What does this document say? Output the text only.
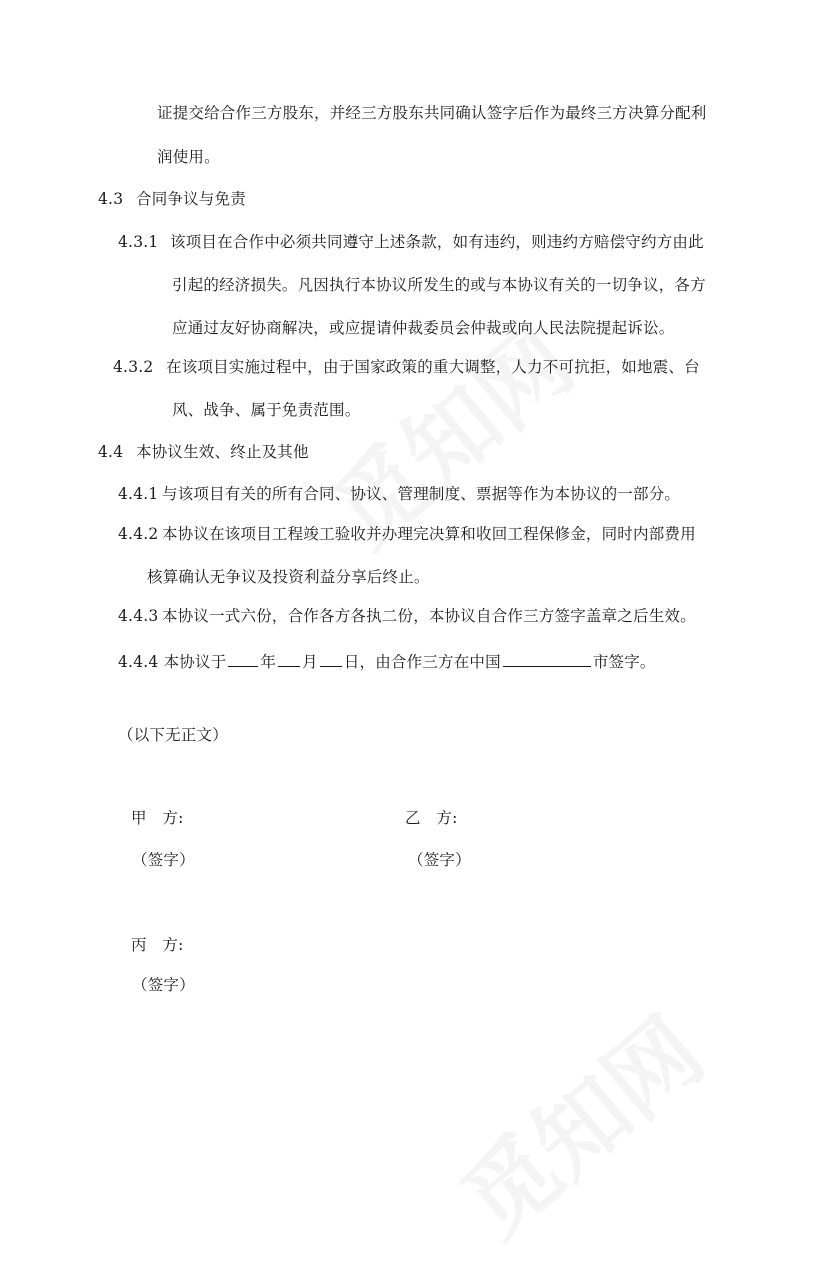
证提交给合作三方股东，并经三方股东共同确认签字后作为最终三方决算分配利
润使用。
4.3 合同争议与免责
4.3.1 该项目在合作中必须共同遵守上述条款，如有违约，则违约方赔偿守约方由此
引起的经济损失。凡因执行本协议所发生的或与本协议有关的一切争议，各方
应通过友好协商解决，或应提请仲裁委员会仲裁或向人民法院提起诉讼。
4.3.2 在该项目实施过程中，由于国家政策的重大调整，人力不可抗拒，如地震、台
风、战争、属于免责范围。
4.4 本协议生效、终止及其他
4.4.1 与该项目有关的所有合同、协议、管理制度、票据等作为本协议的一部分。
4.4.2 本协议在该项目工程竣工验收并办理完决算和收回工程保修金，同时内部费用
核算确认无争议及投资利益分享后终止。
4.4.3 本协议一式六份，合作各方各执二份，本协议自合作三方签字盖章之后生效。
4.4.4 本协议于 年 月 日，由合作三方在中国	市签字。
（以下无正文）
甲　方:	乙　方:
（签字）	（签字）
丙　方:
（签字）
